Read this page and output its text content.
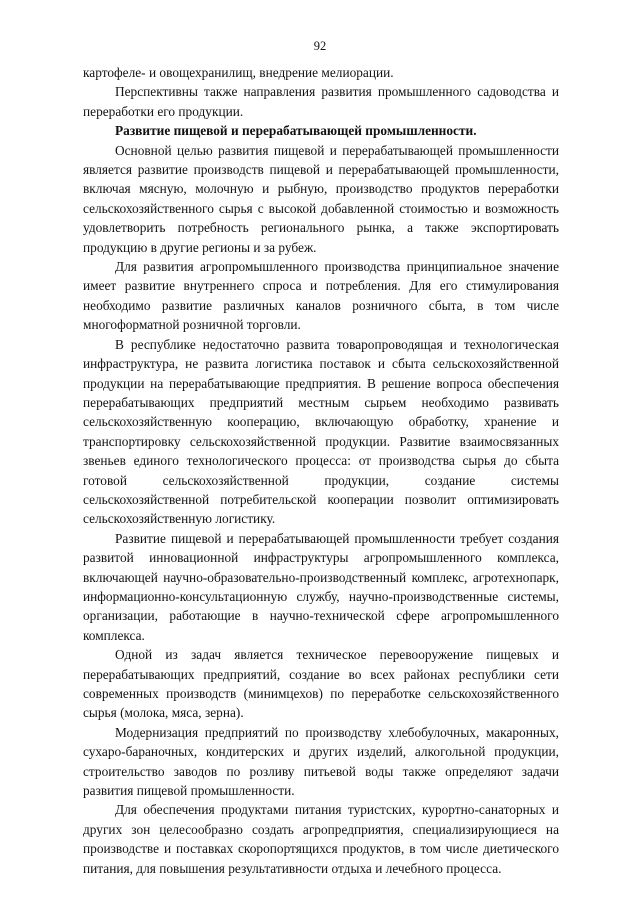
92

картофеле- и овощехранилищ, внедрение мелиорации.

Перспективны также направления развития промышленного садоводства и переработки его продукции.

Развитие пищевой и перерабатывающей промышленности.

Основной целью развития пищевой и перерабатывающей промышленности является развитие производств пищевой и перерабатывающей промышленности, включая мясную, молочную и рыбную, производство продуктов переработки сельскохозяйственного сырья с высокой добавленной стоимостью и возможность удовлетворить потребность регионального рынка, а также экспортировать продукцию в другие регионы и за рубеж.

Для развития агропромышленного производства принципиальное значение имеет развитие внутреннего спроса и потребления. Для его стимулирования необходимо развитие различных каналов розничного сбыта, в том числе многоформатной розничной торговли.

В республике недостаточно развита товаропроводящая и технологическая инфраструктура, не развита логистика поставок и сбыта сельскохозяйственной продукции на перерабатывающие предприятия. В решение вопроса обеспечения перерабатывающих предприятий местным сырьем необходимо развивать сельскохозяйственную кооперацию, включающую обработку, хранение и транспортировку сельскохозяйственной продукции. Развитие взаимосвязанных звеньев единого технологического процесса: от производства сырья до сбыта готовой сельскохозяйственной продукции, создание системы сельскохозяйственной потребительской кооперации позволит оптимизировать сельскохозяйственную логистику.

Развитие пищевой и перерабатывающей промышленности требует создания развитой инновационной инфраструктуры агропромышленного комплекса, включающей научно-образовательно-производственный комплекс, агротехнопарк, информационно-консультационную службу, научно-производственные системы, организации, работающие в научно-технической сфере агропромышленного комплекса.

Одной из задач является техническое перевооружение пищевых и перерабатывающих предприятий, создание во всех районах республики сети современных производств (минимцехов) по переработке сельскохозяйственного сырья (молока, мяса, зерна).

Модернизация предприятий по производству хлебобулочных, макаронных, сухаро-бараночных, кондитерских и других изделий, алкогольной продукции, строительство заводов по розливу питьевой воды также определяют задачи развития пищевой промышленности.

Для обеспечения продуктами питания туристских, курортно-санаторных и других зон целесообразно создать агропредприятия, специализирующиеся на производстве и поставках скоропортящихся продуктов, в том числе диетического питания, для повышения результативности отдыха и лечебного процесса.
